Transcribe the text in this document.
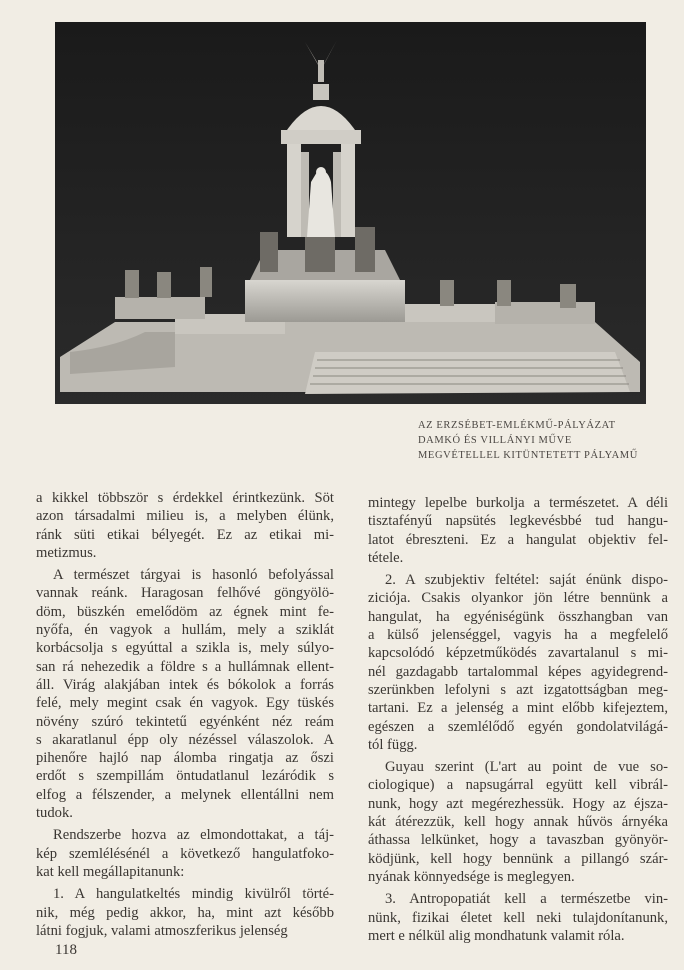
AZ ERZSÉBET-EMLÉKMŰ-PÁLYÁZAT
DAMKÓ ÉS VILLÁNYI MŰVE
MEGVÉTELLEL KITÜNTETETT PÁLYAMŰ
a kikkel többször s érdekkel érintkezünk. Söt
azon társadalmi milieu is, a melyben élünk,
ránk süti etikai bélyegét. Ez az etikai mi-
metizmus.
A természet tárgyai is hasonló befolyással
vannak reánk. Haragosan felhővé göngyölö-
döm, büszkén emelődöm az égnek mint fe-
nyőfa, én vagyok a hullám, mely a sziklát
korbácsolja s egyúttal a szikla is, mely súlyo-
san rá nehezedik a földre s a hullámnak ellent-
áll. Virág alakjában intek és bókolok a forrás
felé, mely megint csak én vagyok. Egy tüskés
növény szúró tekintetű egyénként néz reám
s akaratlanul épp oly nézéssel válaszolok. A
pihenőre hajló nap álomba ringatja az őszi
erdőt s szempillám öntudatlanul lezáródik s
elfog a félszender, a melynek ellentállni nem
tudok.
Rendszerbe hozva az elmondottakat, a táj-
kép szemlélésénél a következő hangulatfoko-
kat kell megállapitanunk:
1. A hangulatkeltés mindig kivülről törté-
nik, még pedig akkor, ha, mint azt később
látni fogjuk, valami atmoszferikus jelenség
mintegy lepelbe burkolja a természetet. A déli
tisztafényű napsütés legkevésbbé tud hangu-
latot ébreszteni. Ez a hangulat objektiv fel-
tétele.
2. A szubjektiv feltétel: saját énünk dispo-
ziciója. Csakis olyankor jön létre bennünk a
hangulat, ha egyéniségünk összhangban van
a külső jelenséggel, vagyis ha a megfelelő
kapcsolódó képzetműködés zavartalanul s mi-
nél gazdagabb tartalommal képes agyidegrend-
szerünkben lefolyni s azt izgatottságban meg-
tartani. Ez a jelenség a mint előbb kifejeztem,
egészen a szemlélődő egyén gondolatvilágá-
tól függ.
Guyau szerint (L'art au point de vue so-
ciologique) a napsugárral együtt kell vibrál-
nunk, hogy azt megérezhessük. Hogy az éjsza-
kát átérezzük, kell hogy annak hűvös árnyéka
áthassa lelkünket, hogy a tavaszban gyönyör-
ködjünk, kell hogy bennünk a pillangó szár-
nyának könnyedsége is meglegyen.
3. Antropopatiát kell a természetbe vin-
nünk, fizikai életet kell neki tulajdonítanunk,
mert e nélkül alig mondhatunk valamit róla.
118
